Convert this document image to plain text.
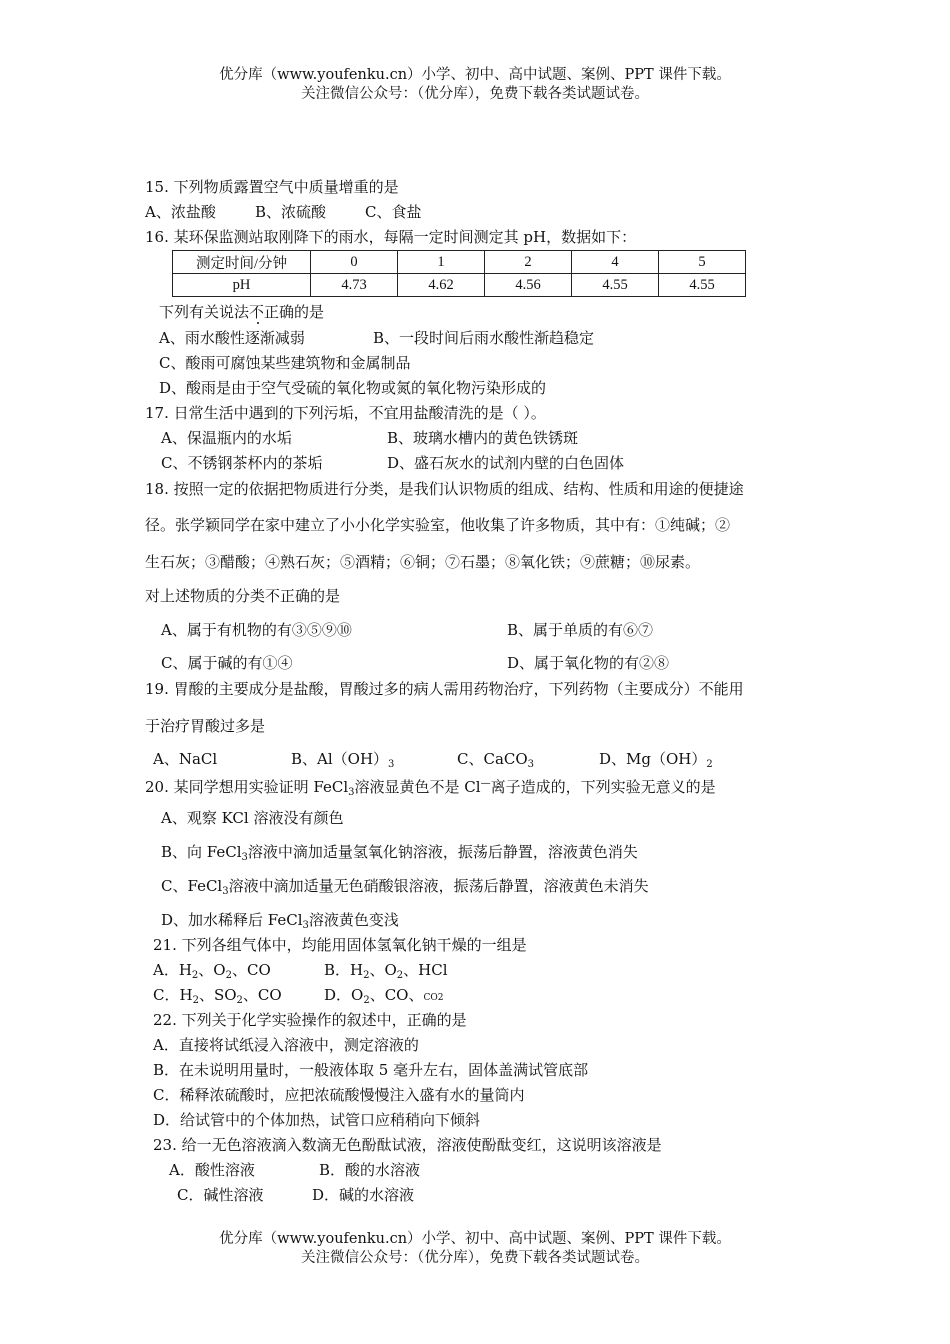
优分库（www.youfenku.cn）小学、初中、高中试题、案例、PPT 课件下载。
关注微信公众号：（优分库），免费下载各类试题试卷。
15. 下列物质露置空气中质量增重的是
A、浓盐酸	B、浓硫酸	C、食盐
16. 某环保监测站取刚降下的雨水，每隔一定时间测定其 pH，数据如下：
测定时间/分钟	0	1	2	4	5
pH	4.73	4.62	4.56	4.55	4.55
下列有关说法不正确的是
A、雨水酸性逐渐减弱	B、一段时间后雨水酸性渐趋稳定
C、酸雨可腐蚀某些建筑物和金属制品
D、酸雨是由于空气受硫的氧化物或氮的氧化物污染形成的
17. 日常生活中遇到的下列污垢，不宜用盐酸清洗的是（ ）。
A、保温瓶内的水垢	B、玻璃水槽内的黄色铁锈斑
C、不锈钢茶杯内的茶垢	D、盛石灰水的试剂内壁的白色固体
18. 按照一定的依据把物质进行分类，是我们认识物质的组成、结构、性质和用途的便捷途
径。张学颖同学在家中建立了小小化学实验室，他收集了许多物质，其中有：①纯碱；②
生石灰；③醋酸；④熟石灰；⑤酒精；⑥铜；⑦石墨；⑧氧化铁；⑨蔗糖；⑩尿素。
对上述物质的分类不正确的是
A、属于有机物的有③⑤⑨⑩	B、属于单质的有⑥⑦
C、属于碱的有①④	D、属于氧化物的有②⑧
19. 胃酸的主要成分是盐酸，胃酸过多的病人需用药物治疗，下列药物（主要成分）不能用
于治疗胃酸过多是
A、NaCl	B、$Al(OH)_3$	C、CaCO$_3$	D、$Mg(OH)_2$
20. 某同学想用实验证明 FeCl$_3$溶液显黄色不是 Cl—离子造成的，下列实验无意义的是
A、观察 KCl 溶液没有颜色
B、向 FeCl$_3$溶液中滴加适量氢氧化钠溶液，振荡后静置，溶液黄色消失
C、FeCl$_3$溶液中滴加适量无色硝酸银溶液，振荡后静置，溶液黄色未消失
D、加水稀释后 FeCl$_3$溶液黄色变浅
21. 下列各组气体中，均能用固体氢氧化钠干燥的一组是
A．$H_2$、$O_2$、CO	B．$H_2$、$O_2$、HCl
C．$H_2$、$SO_2$、CO	D．$O_2$、CO、CO2
22. 下列关于化学实验操作的叙述中，正确的是
A．直接将试纸浸入溶液中，测定溶液的
B．在未说明用量时，一般液体取 5 毫升左右，固体盖满试管底部
C．稀释浓硫酸时，应把浓硫酸慢慢注入盛有水的量筒内
D．给试管中的个体加热，试管口应稍稍向下倾斜
23. 给一无色溶液滴入数滴无色酚酞试液，溶液使酚酞变红，这说明该溶液是
A．酸性溶液	B．酸的水溶液
C．碱性溶液	D．碱的水溶液
优分库（www.youfenku.cn）小学、初中、高中试题、案例、PPT 课件下载。
关注微信公众号：（优分库），免费下载各类试题试卷。
